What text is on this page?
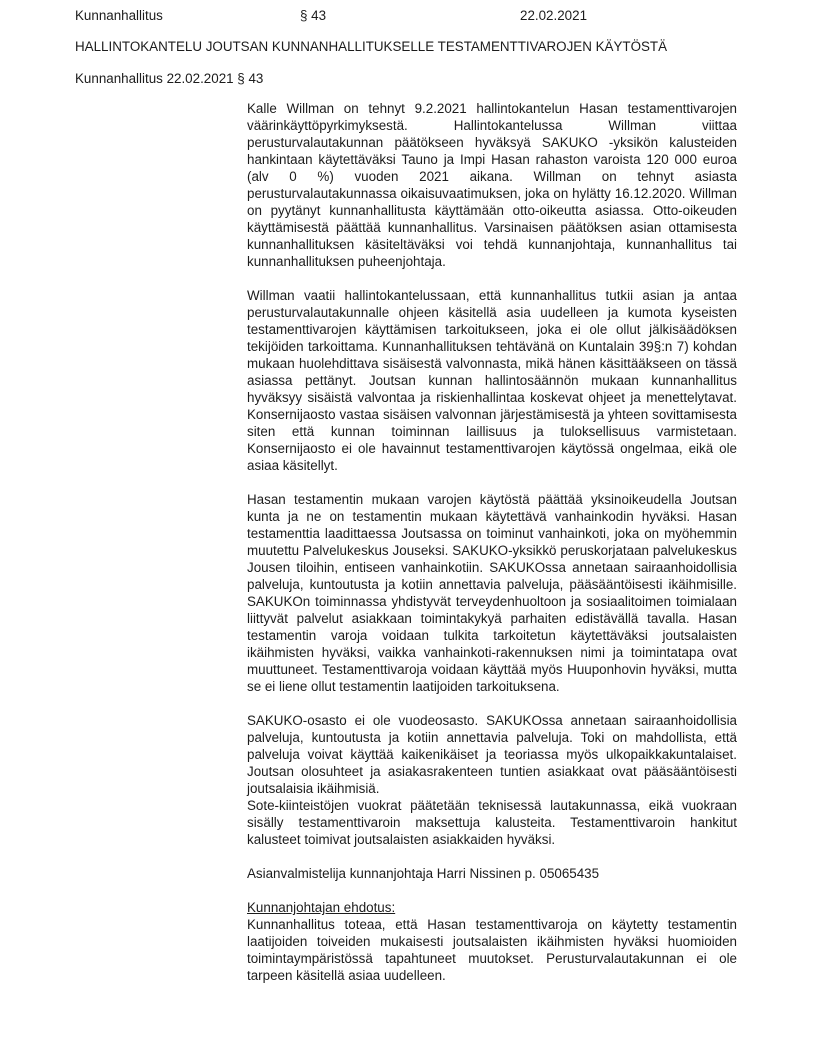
Kunnanhallitus	§ 43	22.02.2021
HALLINTOKANTELU JOUTSAN KUNNANHALLITUKSELLE TESTAMENTTIVAROJEN KÄYTÖSTÄ
Kunnanhallitus 22.02.2021 § 43

Kalle Willman on tehnyt 9.2.2021 hallintokantelun Hasan testamenttivarojen väärinkäyttöpyrkimyksestä. Hallintokantelussa Willman viittaa perusturvalautakunnan päätökseen hyväksyä SAKUKO -yksikön kalusteiden hankintaan käytettäväksi Tauno ja Impi Hasan rahaston varoista 120 000 euroa (alv 0 %) vuoden 2021 aikana. Willman on tehnyt asiasta perusturvalautakunnassa oikaisuvaatimuksen, joka on hylätty 16.12.2020. Willman on pyytänyt kunnanhallitusta käyttämään otto-oikeutta asiassa. Otto-oikeuden käyttämisestä päättää kunnanhallitus. Varsinaisen päätöksen asian ottamisesta kunnanhallituksen käsiteltäväksi voi tehdä kunnanjohtaja, kunnanhallitus tai kunnanhallituksen puheenjohtaja.

Willman vaatii hallintokantelussaan, että kunnanhallitus tutkii asian ja antaa perusturvalautakunnalle ohjeen käsitellä asia uudelleen ja kumota kyseisten testamenttivarojen käyttämisen tarkoitukseen, joka ei ole ollut jälkisäädöksen tekijöiden tarkoittama. Kunnanhallituksen tehtävänä on Kuntalain 39§:n 7) kohdan mukaan huolehdittava sisäisestä valvonnasta, mikä hänen käsittääkseen on tässä asiassa pettänyt. Joutsan kunnan hallintosäännön mukaan kunnanhallitus hyväksyy sisäistä valvontaa ja riskienhallintaa koskevat ohjeet ja menettelytavat. Konsernijaosto vastaa sisäisen valvonnan järjestämisestä ja yhteen sovittamisesta siten että kunnan toiminnan laillisuus ja tuloksellisuus varmistetaan. Konsernijaosto ei ole havainnut testamenttivarojen käytössä ongelmaa, eikä ole asiaa käsitellyt.

Hasan testamentin mukaan varojen käytöstä päättää yksinoikeudella Joutsan kunta ja ne on testamentin mukaan käytettävä vanhainkodin hyväksi. Hasan testamenttia laadittaessa Joutsassa on toiminut vanhainkoti, joka on myöhemmin muutettu Palvelukeskus Jouseksi. SAKUKO-yksikkö peruskorjataan palvelukeskus Jousen tiloihin, entiseen vanhainkotiin. SAKUKOssa annetaan sairaanhoidollisia palveluja, kuntoutusta ja kotiin annettavia palveluja, pääsääntöisesti ikäihmisille. SAKUKOn toiminnassa yhdistyvät terveydenhuoltoon ja sosiaalitoimen toimialaan liittyvät palvelut asiakkaan toimintakykyä parhaiten edistävällä tavalla. Hasan testamentin varoja voidaan tulkita tarkoitetun käytettäväksi joutsalaisten ikäihmisten hyväksi, vaikka vanhainkoti-rakennuksen nimi ja toimintatapa ovat muuttuneet. Testamenttivaroja voidaan käyttää myös Huuponhovin hyväksi, mutta se ei liene ollut testamentin laatijoiden tarkoituksena.

SAKUKO-osasto ei ole vuodeosasto. SAKUKOssa annetaan sairaanhoidollisia palveluja, kuntoutusta ja kotiin annettavia palveluja. Toki on mahdollista, että palveluja voivat käyttää kaikenikäiset ja teoriassa myös ulkopaikkakuntalaiset. Joutsan olosuhteet ja asiakasrakenteen tuntien asiakkaat ovat pääsääntöisesti joutsalaisia ikäihmisiä.

Sote-kiinteistöjen vuokrat päätetään teknisessä lautakunnassa, eikä vuokraan sisälly testamenttivaroin maksettuja kalusteita. Testamenttivaroin hankitut kalusteet toimivat joutsalaisten asiakkaiden hyväksi.

Asianvalmistelija kunnanjohtaja Harri Nissinen p. 05065435

Kunnanjohtajan ehdotus:

Kunnanhallitus toteaa, että Hasan testamenttivaroja on käytetty testamentin laatijoiden toiveiden mukaisesti joutsalaisten ikäihmisten hyväksi huomioiden toimintaympäristössä tapahtuneet muutokset. Perusturvalautakunnan ei ole tarpeen käsitellä asiaa uudelleen.
